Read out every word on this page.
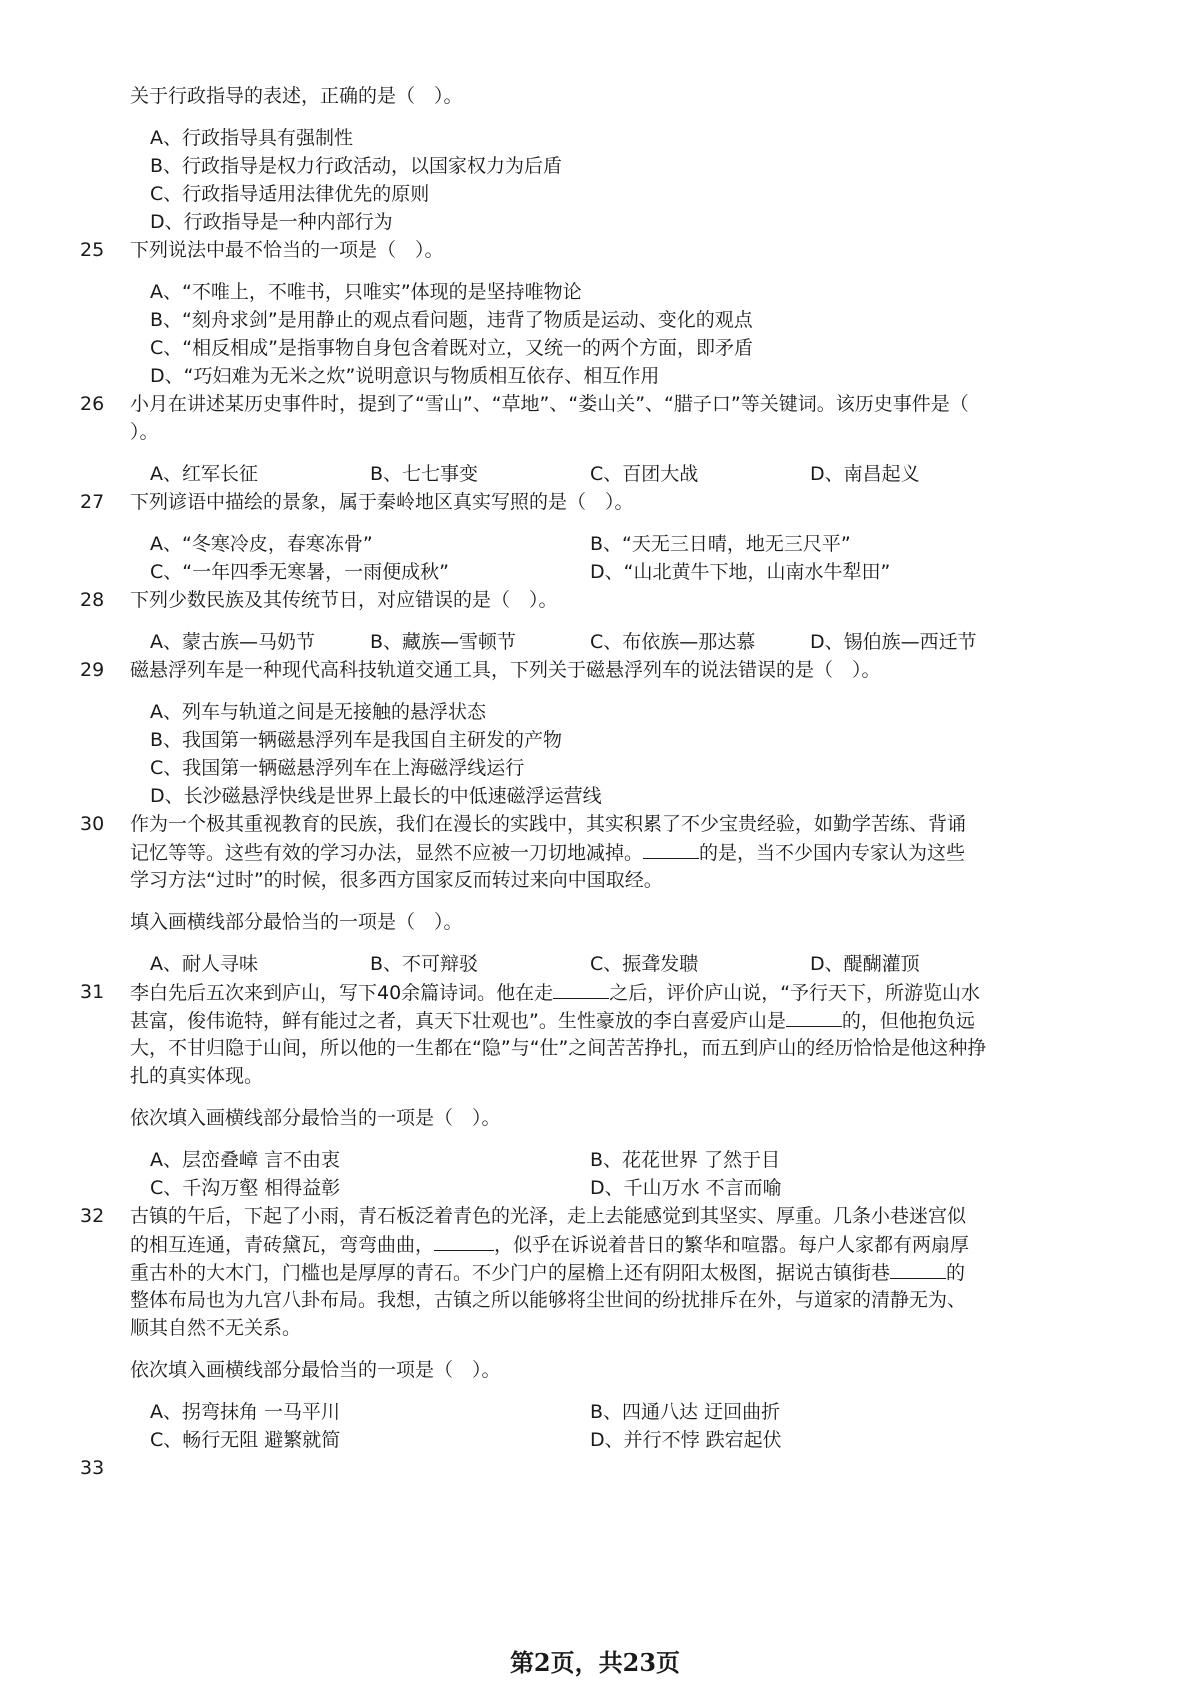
关于行政指导的表述，正确的是（　）。
A、行政指导具有强制性
B、行政指导是权力行政活动，以国家权力为后盾
C、行政指导适用法律优先的原则
D、行政指导是一种内部行为
25 下列说法中最不恰当的一项是（　）。
A、“不唯上，不唯书，只唯实”体现的是坚持唯物论
B、“刻舟求剑”是用静止的观点看问题，违背了物质是运动、变化的观点
C、“相反相成”是指事物自身包含着既对立，又统一的两个方面，即矛盾
D、“巧妇难为无米之炊”说明意识与物质相互依存、相互作用
26 小月在讲述某历史事件时，提到了“雪山”、“草地”、“娄山关”、“腊子口”等关键词。该历史事件是（
）。
A、红军长征	B、七七事变	C、百团大战	D、南昌起义
27 下列谚语中描绘的景象，属于秦岭地区真实写照的是（　）。
A、“冬寒冷皮，春寒冻骨”	B、“天无三日晴，地无三尺平”
C、“一年四季无寒暑，一雨便成秋”	D、“山北黄牛下地，山南水牛犁田”
28 下列少数民族及其传统节日，对应错误的是（　）。
A、蒙古族—马奶节	B、藏族—雪顿节	C、布依族—那达慕	D、锡伯族—西迁节
29 磁悬浮列车是一种现代高科技轨道交通工具，下列关于磁悬浮列车的说法错误的是（　）。
A、列车与轨道之间是无接触的悬浮状态
B、我国第一辆磁悬浮列车是我国自主研发的产物
C、我国第一辆磁悬浮列车在上海磁浮线运行
D、长沙磁悬浮快线是世界上最长的中低速磁浮运营线
30 作为一个极其重视教育的民族，我们在漫长的实践中，其实积累了不少宝贵经验，如勤学苦练、背诵
记忆等等。这些有效的学习办法，显然不应被一刀切地减掉。	的是，当不少国内专家认为这些
学习方法“过时”的时候，很多西方国家反而转过来向中国取经。
填入画横线部分最恰当的一项是（　）。
A、耐人寻味	B、不可辩驳	C、振聋发聩	D、醍醐灌顶
31 李白先后五次来到庐山，写下40余篇诗词。他在走	之后，评价庐山说，“予行天下，所游览山水
甚富，俊伟诡特，鲜有能过之者，真天下壮观也”。生性豪放的李白喜爱庐山是	的，但他抱负远
大，不甘归隐于山间，所以他的一生都在“隐”与“仕”之间苦苦挣扎，而五到庐山的经历恰恰是他这种挣
扎的真实体现。
依次填入画横线部分最恰当的一项是（　）。
A、层峦叠嶂 言不由衷	B、花花世界 了然于目
C、千沟万壑 相得益彰	D、千山万水 不言而喻
32 古镇的午后，下起了小雨，青石板泛着青色的光泽，走上去能感觉到其坚实、厚重。几条小巷迷宫似
的相互连通，青砖黛瓦，弯弯曲曲，	，似乎在诉说着昔日的繁华和喧嚣。每户人家都有两扇厚
重古朴的大木门，门槛也是厚厚的青石。不少门户的屋檐上还有阴阳太极图，据说古镇街巷	的
整体布局也为九宫八卦布局。我想，古镇之所以能够将尘世间的纷扰排斥在外，与道家的清静无为、
顺其自然不无关系。
依次填入画横线部分最恰当的一项是（　）。
A、拐弯抹角 一马平川	B、四通八达 迂回曲折
C、畅行无阻 避繁就简	D、并行不悖 跌宕起伏
33
第2页，共23页
